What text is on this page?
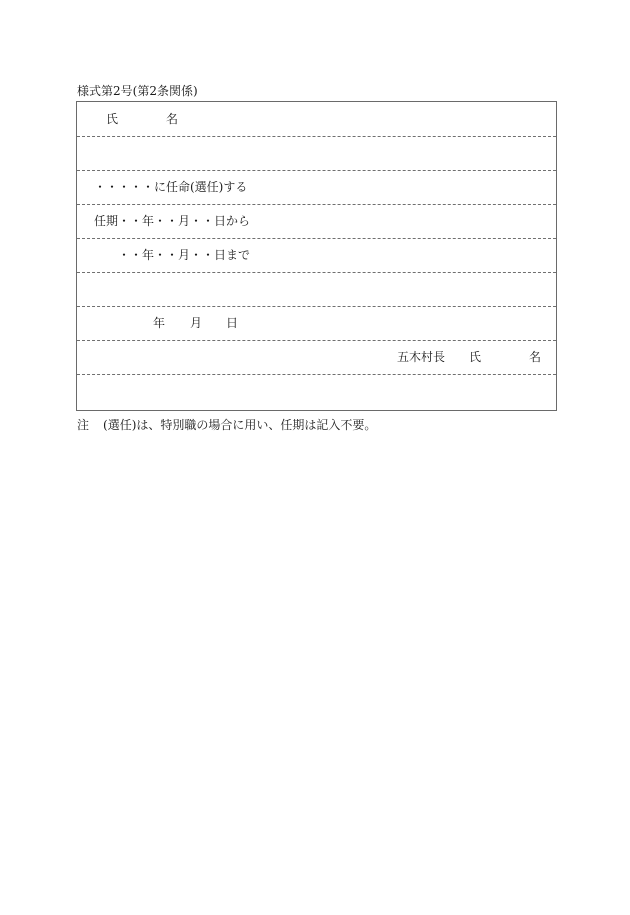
様式第2号(第2条関係)
氏	名
・・・・・に任命(選任)する
任期・・年・・月・・日から
・・年・・月・・日まで
年 月 日
五木村長 氏	名
注 (選任)は、特別職の場合に用い、任期は記入不要。
